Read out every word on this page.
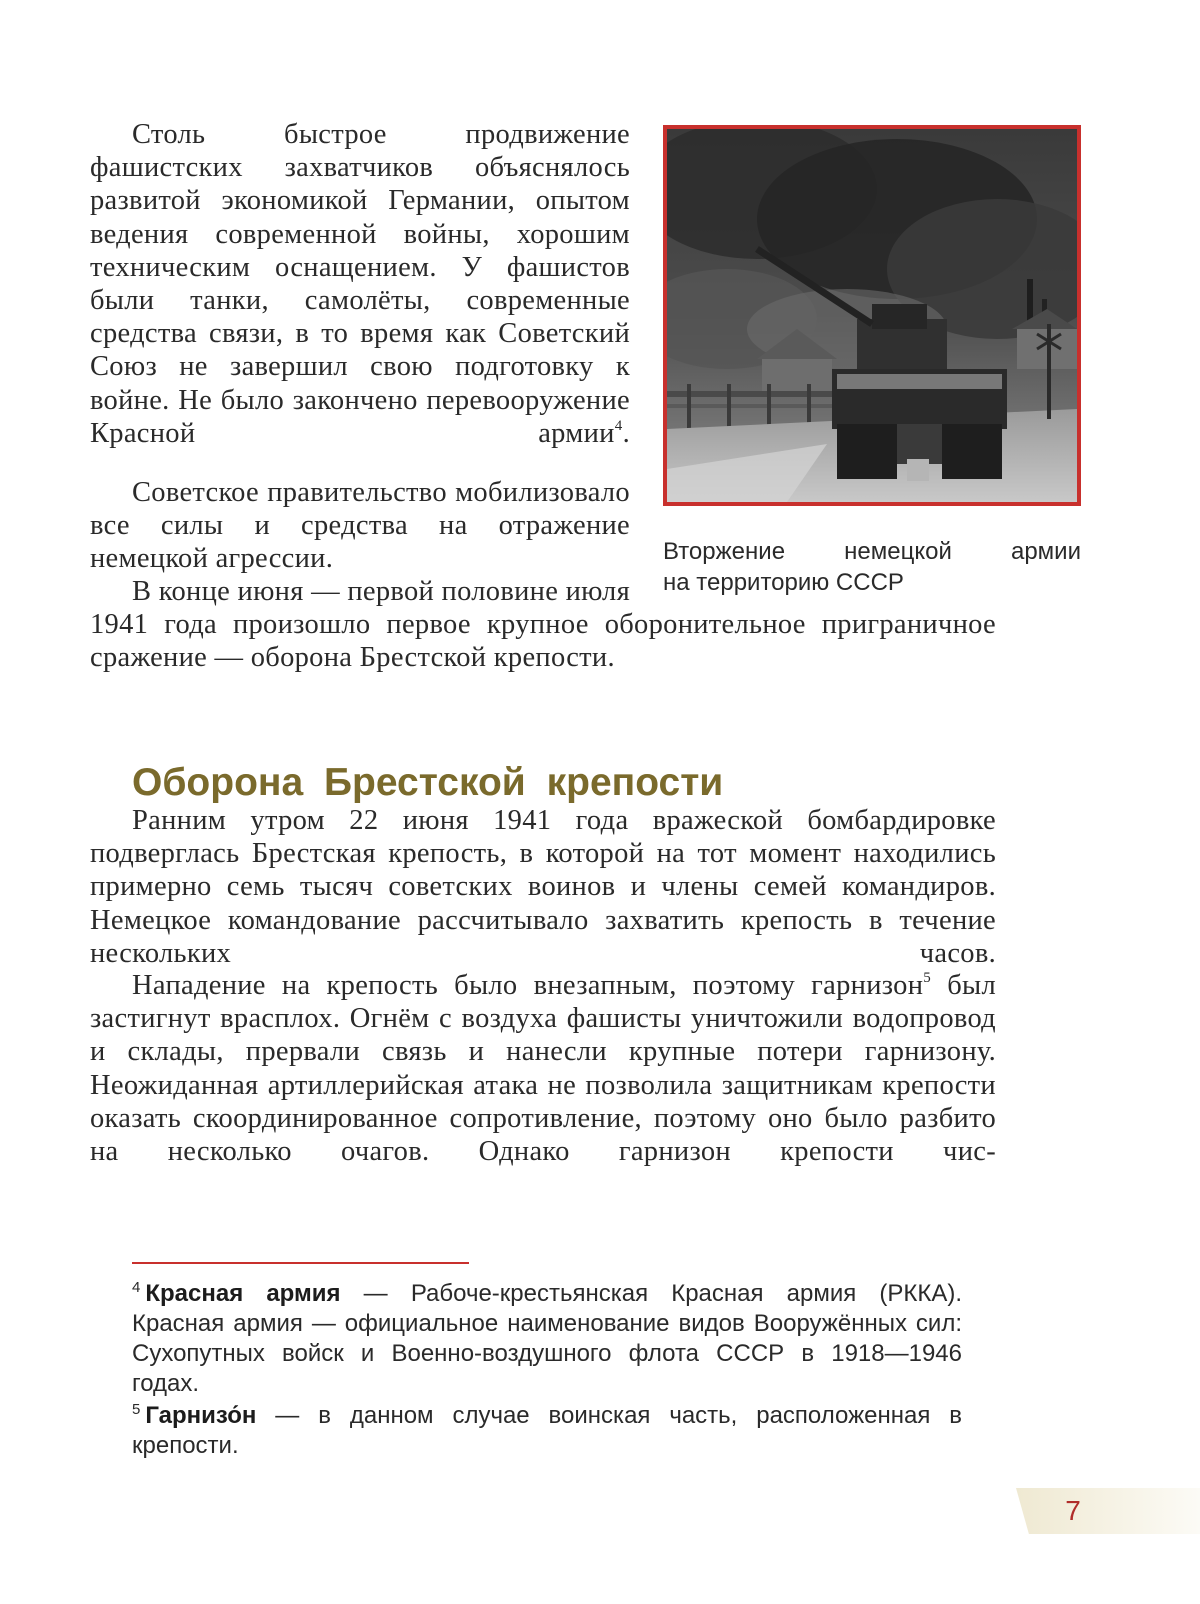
Столь быстрое продвижение фашистских захватчиков объяснялось развитой экономикой Германии, опытом ведения современной войны, хорошим техническим оснащением. У фашистов были танки, самолёты, современные средства связи, в то время как Советский Союз не завершил свою подготовку к войне. Не было закончено перевооружение Красной армии$^4$.

Советское правительство мобилизовало все силы и средства на отражение немецкой агрессии.

В конце июня — первой половине июля 1941 года произошло первое крупное оборонительное приграничное сражение — оборона Брестской крепости.

Вторжение немецкой армии
на территорию СССР
Оборона Брестской крепости

Ранним утром 22 июня 1941 года вражеской бомбардировке подверглась Брестская крепость, в которой на тот момент находились примерно семь тысяч советских воинов и члены семей командиров. Немецкое командование рассчитывало захватить крепость в течение нескольких часов.

Нападение на крепость было внезапным, поэтому гарнизон$^5$ был застигнут врасплох. Огнём с воздуха фашисты уничтожили водопровод и склады, прервали связь и нанесли крупные потери гарнизону. Неожиданная артиллерийская атака не позволила защитникам крепости оказать скоординированное сопротивление, поэтому оно было разбито на несколько очагов. Однако гарнизон крепости чис-

$^4$ Красная армия — Рабоче-крестьянская Красная армия (РККА). Красная армия — официальное наименование видов Вооружённых сил: Сухопутных войск и Военно-воздушного флота СССР в 1918—1946 годах.

$^5$ Гарнизо́н — в данном случае воинская часть, расположенная в крепости.

7
